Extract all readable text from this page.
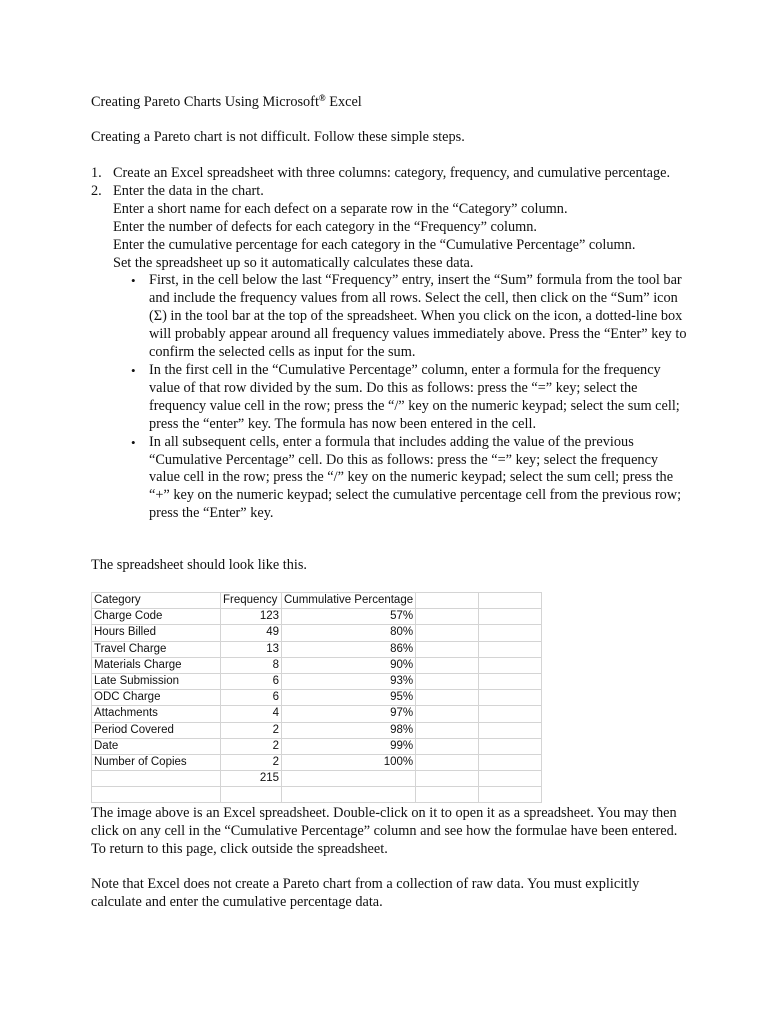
Creating Pareto Charts Using Microsoft® Excel
Creating a Pareto chart is not difficult. Follow these simple steps.
1. Create an Excel spreadsheet with three columns: category, frequency, and cumulative percentage.
2. Enter the data in the chart.
Enter a short name for each defect on a separate row in the “Category” column.
Enter the number of defects for each category in the “Frequency” column.
Enter the cumulative percentage for each category in the “Cumulative Percentage” column.
Set the spreadsheet up so it automatically calculates these data.
• First, in the cell below the last “Frequency” entry, insert the “Sum” formula from the tool bar and include the frequency values from all rows. Select the cell, then click on the “Sum” icon (Σ) in the tool bar at the top of the spreadsheet. When you click on the icon, a dotted-line box will probably appear around all frequency values immediately above. Press the “Enter” key to confirm the selected cells as input for the sum.
• In the first cell in the “Cumulative Percentage” column, enter a formula for the frequency value of that row divided by the sum. Do this as follows: press the “=” key; select the frequency value cell in the row; press the “/” key on the numeric keypad; select the sum cell; press the “enter” key. The formula has now been entered in the cell.
• In all subsequent cells, enter a formula that includes adding the value of the previous “Cumulative Percentage” cell. Do this as follows: press the “=” key; select the frequency value cell in the row; press the “/” key on the numeric keypad; select the sum cell; press the “+” key on the numeric keypad; select the cumulative percentage cell from the previous row; press the “Enter” key.
The spreadsheet should look like this.
Category	Frequency	Cummulative Percentage		
Charge Code	123	57%		
Hours Billed	49	80%		
Travel Charge	13	86%		
Materials Charge	8	90%		
Late Submission	6	93%		
ODC Charge	6	95%		
Attachments	4	97%		
Period Covered	2	98%		
Date	2	99%		
Number of Copies	2	100%		
	215			

The image above is an Excel spreadsheet. Double-click on it to open it as a spreadsheet. You may then click on any cell in the “Cumulative Percentage” column and see how the formulae have been entered. To return to this page, click outside the spreadsheet.
Note that Excel does not create a Pareto chart from a collection of raw data. You must explicitly calculate and enter the cumulative percentage data.
